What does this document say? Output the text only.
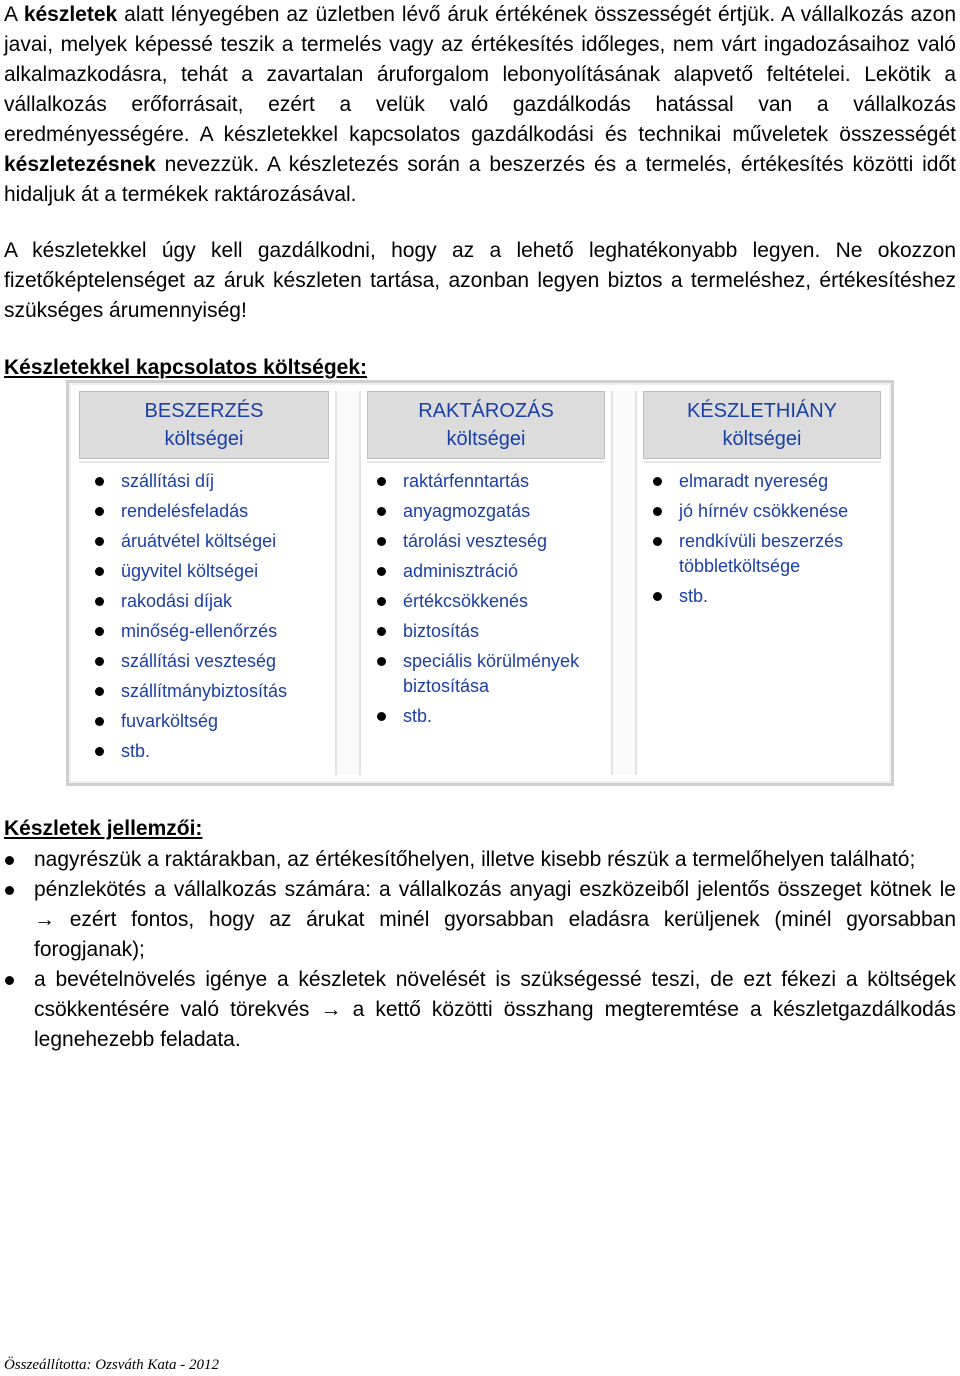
A készletek alatt lényegében az üzletben lévő áruk értékének összességét értjük. A vállalkozás azon javai, melyek képessé teszik a termelés vagy az értékesítés időleges, nem várt ingadozásaihoz való alkalmazkodásra, tehát a zavartalan áruforgalom lebonyolításának alapvető feltételei. Lekötik a vállalkozás erőforrásait, ezért a velük való gazdálkodás hatással van a vállalkozás eredményességére. A készletekkel kapcsolatos gazdálkodási és technikai műveletek összességét készletezésnek nevezzük. A készletezés során a beszerzés és a termelés, értékesítés közötti időt hidaljuk át a termékek raktározásával.
A készletekkel úgy kell gazdálkodni, hogy az a lehető leghatékonyabb legyen. Ne okozzon fizetőképtelenséget az áruk készleten tartása, azonban legyen biztos a termeléshez, értékesítéshez szükséges árumennyiség!
Készletekkel kapcsolatos költségek:
BESZERZÉS
költségei
szállítási díj
rendelésfeladás
áruátvétel költségei
ügyvitel költségei
rakodási díjak
minőség-ellenőrzés
szállítási veszteség
szállítmánybiztosítás
fuvarköltség
stb.
RAKTÁROZÁS
költségei
raktárfenntartás
anyagmozgatás
tárolási veszteség
adminisztráció
értékcsökkenés
biztosítás
speciális körülmények biztosítása
stb.
KÉSZLETHIÁNY
költségei
elmaradt nyereség
jó hírnév csökkenése
rendkívüli beszerzés többletköltsége
stb.
Készletek jellemzői:
nagyrészük a raktárakban, az értékesítőhelyen, illetve kisebb részük a termelőhelyen található;
pénzlekötés a vállalkozás számára: a vállalkozás anyagi eszközeiből jelentős összeget kötnek le → ezért fontos, hogy az árukat minél gyorsabban eladásra kerüljenek (minél gyorsabban forogjanak);
a bevételnövelés igénye a készletek növelését is szükségessé teszi, de ezt fékezi a költségek csökkentésére való törekvés → a kettő közötti összhang megteremtése a készletgazdálkodás legnehezebb feladata.
Összeállította: Ozsváth Kata - 2012
